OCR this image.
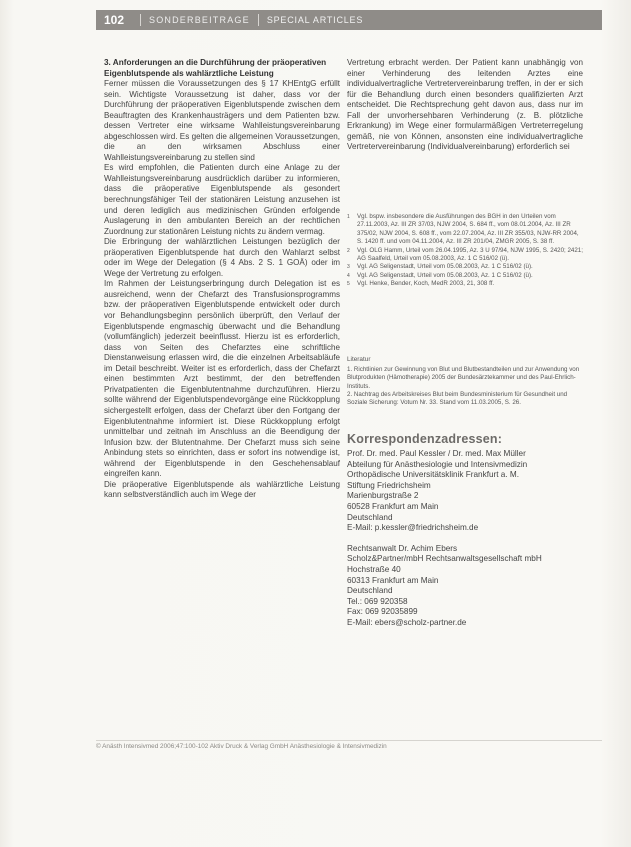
102	SONDERBEITRAGE SPECIAL ARTICLES
3. Anforderungen an die Durchführung der präoperativen Eigenblutspende als wahlärztliche Leistung

Ferner müssen die Voraussetzungen des § 17 KHEntgG erfüllt sein. Wichtigste Voraussetzung ist daher, dass vor der Durchführung der präoperativen Eigenblutspende zwischen dem Beauftragten des Krankenhausträgers und dem Patienten bzw. dessen Vertreter eine wirksame Wahlleistungsvereinbarung abgeschlossen wird. Es gelten die allgemeinen Voraussetzungen, die an den wirksamen Abschluss einer Wahlleistungsvereinbarung zu stellen sind

Es wird empfohlen, die Patienten durch eine Anlage zu der Wahlleistungsvereinbarung ausdrücklich darüber zu informieren, dass die präoperative Eigenblutspende als gesondert berechnungsfähiger Teil der stationären Leistung anzusehen ist und deren lediglich aus medizinischen Gründen erfolgende Auslagerung in den ambulanten Bereich an der rechtlichen Zuordnung zur stationären Leistung nichts zu ändern vermag.

Die Erbringung der wahlärztlichen Leistungen bezüglich der präoperativen Eigenblutspende hat durch den Wahlarzt selbst oder im Wege der Delegation (§ 4 Abs. 2 S. 1 GOÄ) oder im Wege der Vertretung zu erfolgen.

Im Rahmen der Leistungserbringung durch Delegation ist es ausreichend, wenn der Chefarzt des Transfusionsprogramms bzw. der präoperativen Eigenblutspende entwickelt oder durch vor Behandlungsbeginn persönlich überprüft, den Verlauf der Eigenblutspende engmaschig überwacht und die Behandlung (vollumfänglich) jederzeit beeinflusst. Hierzu ist es erforderlich, dass von Seiten des Chefarztes eine schriftliche Dienstanweisung erlassen wird, die die einzelnen Arbeitsabläufe im Detail beschreibt. Weiter ist es erforderlich, dass der Chefarzt einen bestimmten Arzt bestimmt, der den betreffenden Privatpatienten die Eigenblutentnahme durchzuführen. Hierzu sollte während der Eigenblutspendevorgänge eine Rückkopplung sichergestellt erfolgen, dass der Chefarzt über den Fortgang der Eigenblutentnahme informiert ist. Diese Rückkopplung erfolgt unmittelbar und zeitnah im Anschluss an die Beendigung der Infusion bzw. der Blutentnahme. Der Chefarzt muss sich seine Anbindung stets so einrichten, dass er sofort ins notwendige ist, während der Eigenblutspende in den Geschehensablauf eingreifen kann.

Die präoperative Eigenblutspende als wahlärztliche Leistung kann selbstverständlich auch im Wege der

Vertretung erbracht werden. Der Patient kann unabhängig von einer Verhinderung des leitenden Arztes eine individualvertragliche Vertretervereinbarung treffen, in der er sich für die Behandlung durch einen besonders qualifizierten Arzt entscheidet. Die Rechtsprechung geht davon aus, dass nur im Fall der unvorhersehbaren Verhinderung (z. B. plötzliche Erkrankung) im Wege einer formularmäßigen Vertreterregelung gemäß, nie von Können, ansonsten eine individualvertragliche Vertretervereinbarung (Individualvereinbarung) erforderlich sei

1	Vgl. bspw. insbesondere die Ausführungen des BGH in den Urteilen vom 27.11.2003, Az. III ZR 37/03, NJW 2004, S. 684 ff., vom 08.01.2004, Az. III ZR 375/02, NJW 2004, S. 608 ff., vom 22.07.2004, Az. III ZR 355/03, NJW-RR 2004, S. 1420 ff. und vom 04.11.2004, Az. III ZR 201/04, ZMGR 2005, S. 38 ff.
2	Vgl. OLG Hamm, Urteil vom 26.04.1995, Az. 3 U 97/94, NJW 1995, S. 2420; 2421; AG Saalfeld, Urteil vom 05.08.2003, Az. 1 C 516/02 (ü).
3	Vgl. AG Seligenstadt, Urteil vom 05.08.2003, Az. 1 C 516/02 (ü).
4	Vgl. AG Seligenstadt, Urteil vom 05.08.2003, Az. 1 C 516/02 (ü).
5	Vgl. Henke, Bender, Koch, MedR 2003, 21, 308 ff.
Literatur
1. Richtlinien zur Gewinnung von Blut und Blutbestandteilen und zur Anwendung von Blutprodukten (Hämotherapie) 2005 der Bundesärztekammer und des Paul-Ehrlich-Instituts.
2. Nachtrag des Arbeitskreises Blut beim Bundesministerium für Gesundheit und Soziale Sicherung: Votum Nr. 33. Stand vom 11.03.2005, S. 26.
Korrespondenzadressen:
Prof. Dr. med. Paul Kessler / Dr. med. Max Müller
Abteilung für Anästhesiologie und Intensivmedizin
Orthopädische Universitätsklinik Frankfurt a. M.
Stiftung Friedrichsheim
Marienburgstraße 2
60528 Frankfurt am Main
Deutschland
E-Mail: p.kessler@friedrichsheim.de
Rechtsanwalt Dr. Achim Ebers
Scholz&Partner/mbH Rechtsanwaltsgesellschaft mbH
Hochstraße 40
60313 Frankfurt am Main
Deutschland
Tel.: 069 920358
Fax: 069 92035899
E-Mail: ebers@scholz-partner.de
© Anästh Intensivmed 2006;47:100-102 Aktiv Druck & Verlag GmbH Anästhesiologie & Intensivmedizin
